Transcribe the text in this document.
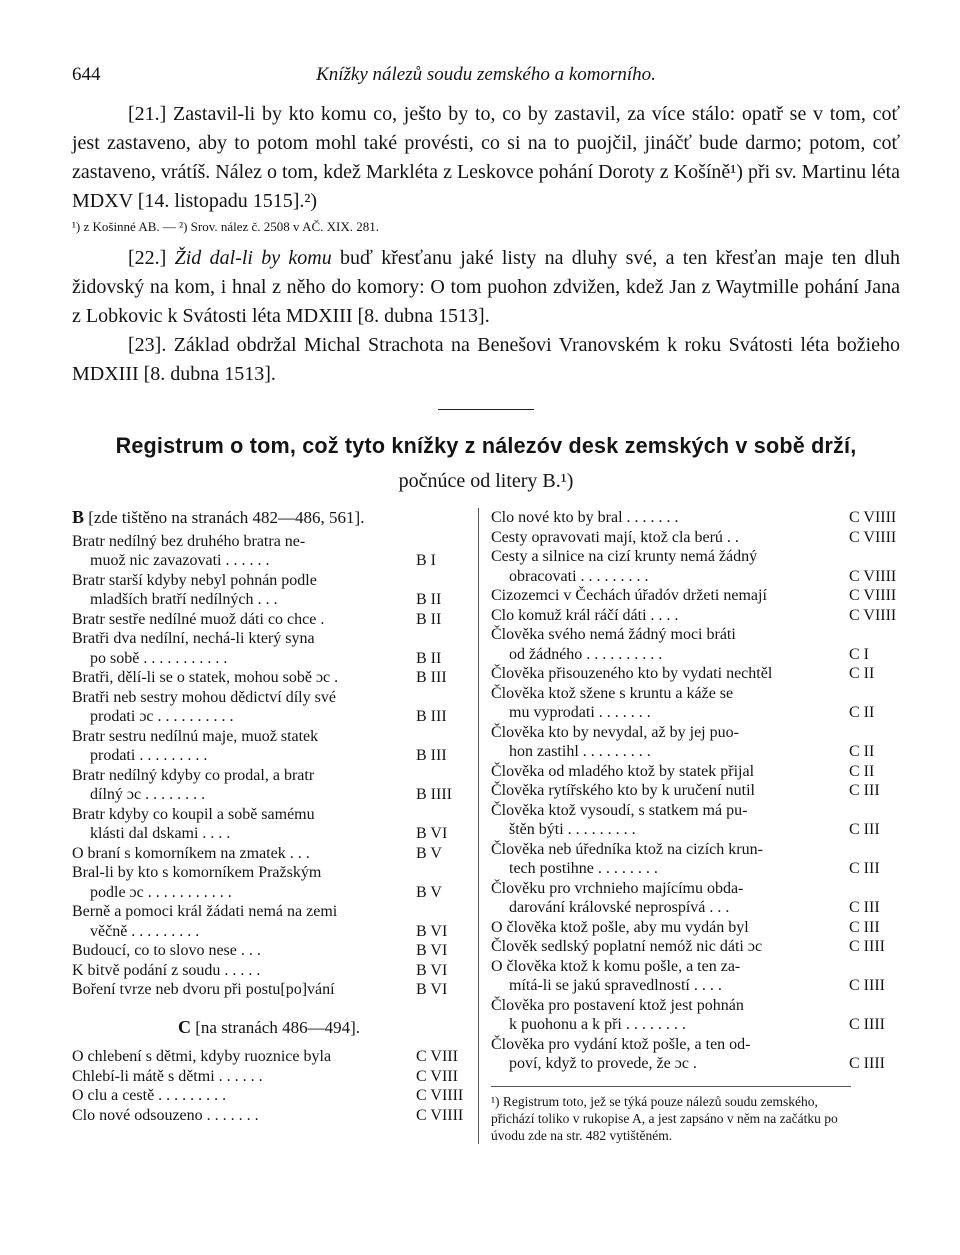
644	Knížky nálezů soudu zemského a komorního.

[21.] Zastavil-li by kto komu co, ješto by to, co by zastavil, za více stálo: opatř se v tom, coť jest zastaveno, aby to potom mohl také provésti, co si na to puojčil, jináčť bude darmo; potom, coť zastaveno, vrátíš. Nález o tom, kdež Markléta z Leskovce pohání Doroty z Košíně¹) při sv. Martinu léta MDXV [14. listopadu 1515].²)

¹) z Košinné AB. — ²) Srov. nález č. 2508 v AČ. XIX. 281.

[22.] Žid dal-li by komu buď křesťanu jaké listy na dluhy své, a ten křesťan maje ten dluh židovský na kom, i hnal z něho do komory: O tom puohon zdvižen, kdež Jan z Waytmille pohání Jana z Lobkovic k Svátosti léta MDXIII [8. dubna 1513].

[23]. Základ obdržal Michal Strachota na Benešovi Vranovském k roku Svátosti léta božieho MDXIII [8. dubna 1513].

Registrum o tom, což tyto knížky z nálezóv desk zemských v sobě drží,
počnúce od litery B.¹)
B [zde tištěno na stranách 482—486, 561].
Bratr nedílný bez druhého bratra ne-
muož nic zavazovati . . . . . .	B I
Bratr starší kdyby nebyl pohnán podle
mladších bratří nedílných . . .	B II
Bratr sestře nedílné muož dáti co chce .	B II
Bratři dva nedílní, nechá-li který syna
po sobě . . . . . . . . . . .	B II
Bratři, dělí-li se o statek, mohou sobě ɔc .	B III
Bratři neb sestry mohou dědictví díly své
prodati ɔc . . . . . . . . . .	B III
Bratr sestru nedílnú maje, muož statek
prodati . . . . . . . . .	B III
Bratr nedílný kdyby co prodal, a bratr
dílný ɔc . . . . . . . .	B IIII
Bratr kdyby co koupil a sobě samému
klásti dal dskami . . . .	B VI
O braní s komorníkem na zmatek . . .	B V
Bral-li by kto s komorníkem Pražským
podle ɔc . . . . . . . . . . .	B V
Berně a pomoci král žádati nemá na zemi
věčně . . . . . . . . .	B VI
Budoucí, co to slovo nese . . .	B VI
K bitvě podání z soudu . . . . .	B VI
Boření tvrze neb dvoru při postu[po]vání	B VI
C [na stranách 486—494].
O chlebení s dětmi, kdyby ruoznice byla	C VIII
Chlebí-li mátě s dětmi . . . . . .	C VIII
O clu a cestě . . . . . . . . .	C VIIII
Clo nové odsouzeno . . . . . . .	C VIIII
Clo nové kto by bral . . . . . . .	C VIIII
Cesty opravovati mají, ktož cla berú . .	C VIIII
Cesty a silnice na cizí krunty nemá žádný
obracovati . . . . . . . . .	C VIIII
Cizozemci v Čechách úřadóv držeti nemají	C VIIII
Clo komuž král ráčí dáti . . . .	C VIIII
Člověka svého nemá žádný moci bráti
od žádného . . . . . . . . . .	C I
Člověka přisouzeného kto by vydati nechtěl	C II
Člověka ktož sžene s kruntu a káže se
mu vyprodati . . . . . . .	C II
Člověka kto by nevydal, až by jej puo-
hon zastihl . . . . . . . . .	C II
Člověka od mladého ktož by statek přijal	C II
Člověka rytířského kto by k uručení nutil	C III
Člověka ktož vysoudí, s statkem má pu-
štěn býti . . . . . . . . .	C III
Člověka neb úředníka ktož na cizích krun-
tech postihne . . . . . . . .	C III
Člověku pro vrchnieho majícímu obda-
darování královské neprospívá . . .	C III
O člověka ktož pošle, aby mu vydán byl	C III
Člověk sedlský poplatní nemóž nic dáti ɔc	C IIII
O člověka ktož k komu pošle, a ten za-
mítá-li se jakú spravedlností . . . .	C IIII
Člověka pro postavení ktož jest pohnán
k puohonu a k při . . . . . . . .	C IIII
Člověka pro vydání ktož pošle, a ten od-
poví, když to provede, že ɔc .	C IIII
¹) Registrum toto, jež se týká pouze nálezů soudu zemského, přichází toliko v rukopise A, a jest zapsáno v něm na začátku po úvodu zde na str. 482 vytištěném.
